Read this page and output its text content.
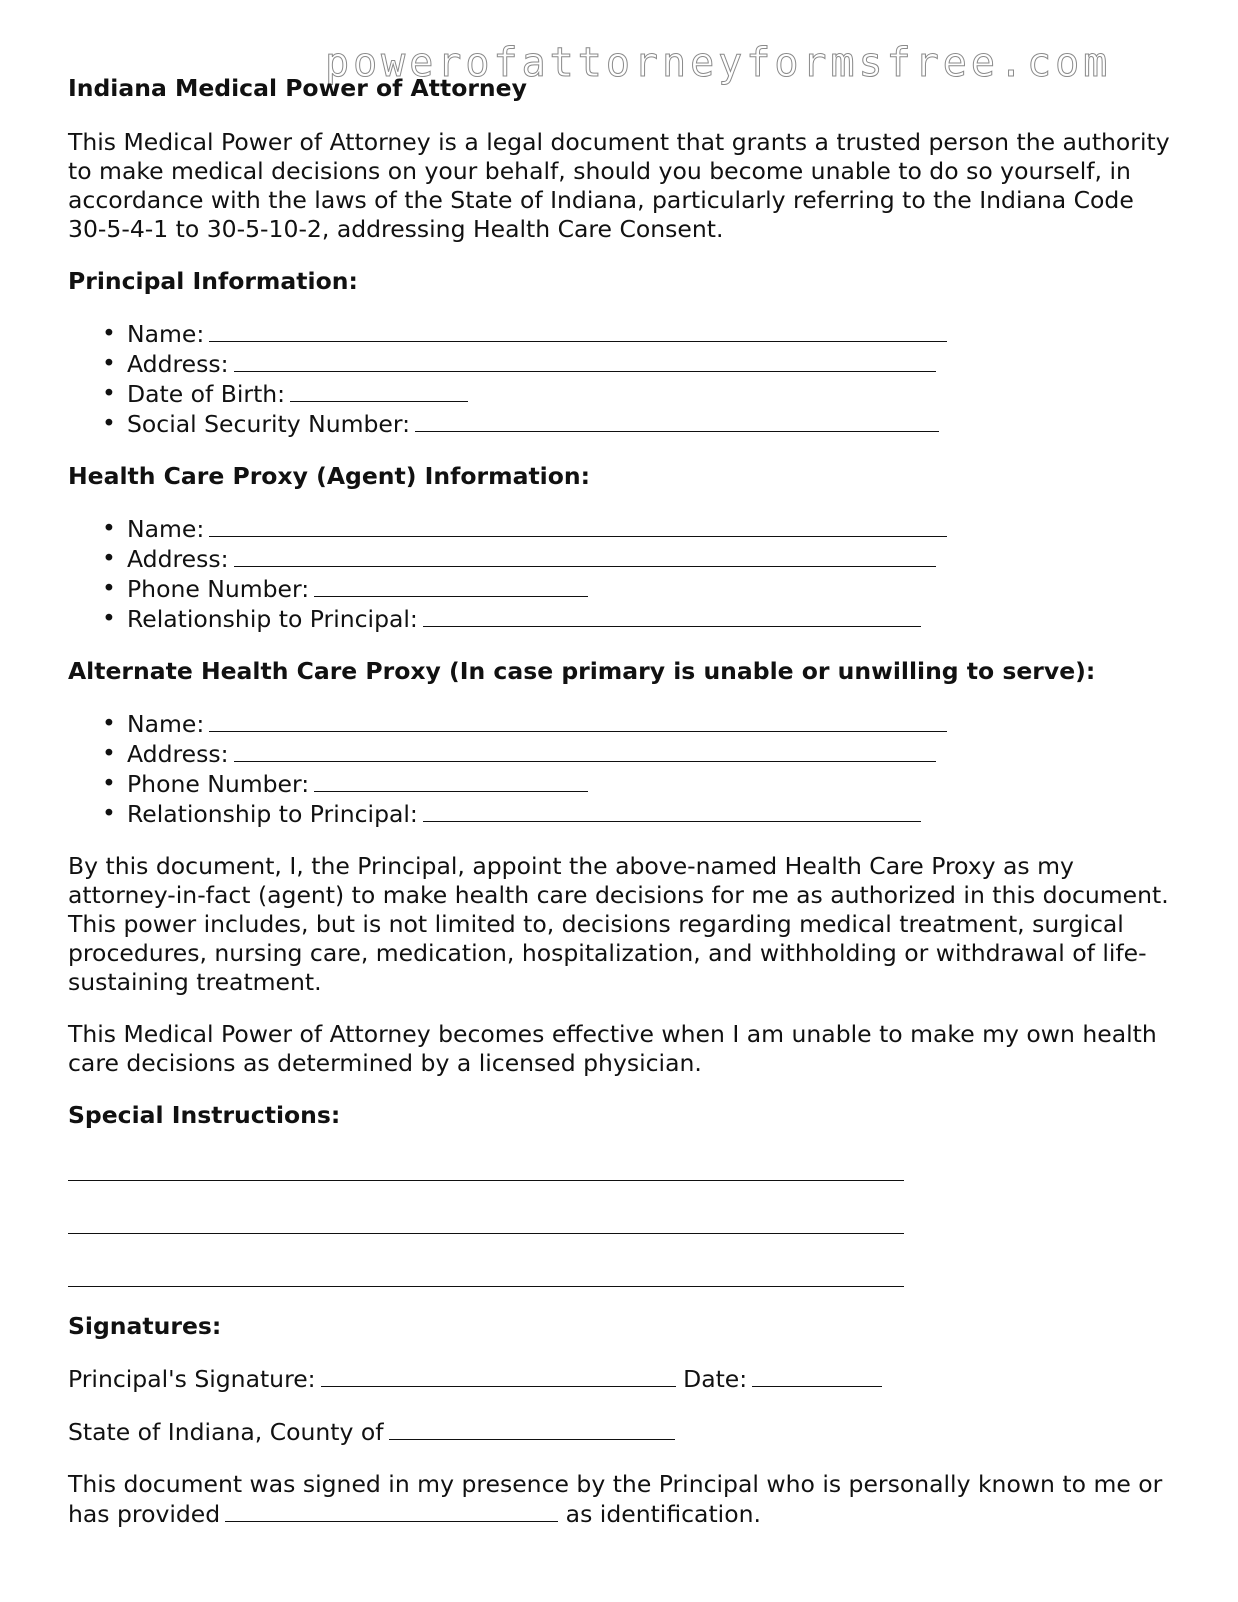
powerofattorneyformsfree.com
Indiana Medical Power of Attorney

This Medical Power of Attorney is a legal document that grants a trusted person the authority to make medical decisions on your behalf, should you become unable to do so yourself, in accordance with the laws of the State of Indiana, particularly referring to the Indiana Code 30-5-4-1 to 30-5-10-2, addressing Health Care Consent.

Principal Information:
• Name:
• Address:
• Date of Birth:
• Social Security Number:
Health Care Proxy (Agent) Information:
• Name:
• Address:
• Phone Number:
• Relationship to Principal:
Alternate Health Care Proxy (In case primary is unable or unwilling to serve):
• Name:
• Address:
• Phone Number:
• Relationship to Principal:

By this document, I, the Principal, appoint the above-named Health Care Proxy as my attorney-in-fact (agent) to make health care decisions for me as authorized in this document. This power includes, but is not limited to, decisions regarding medical treatment, surgical procedures, nursing care, medication, hospitalization, and withholding or withdrawal of life-sustaining treatment.

This Medical Power of Attorney becomes effective when I am unable to make my own health care decisions as determined by a licensed physician.

Special Instructions:
Signatures:
Principal's Signature:	Date:
State of Indiana, County of

This document was signed in my presence by the Principal who is personally known to me or has provided	as identification.
